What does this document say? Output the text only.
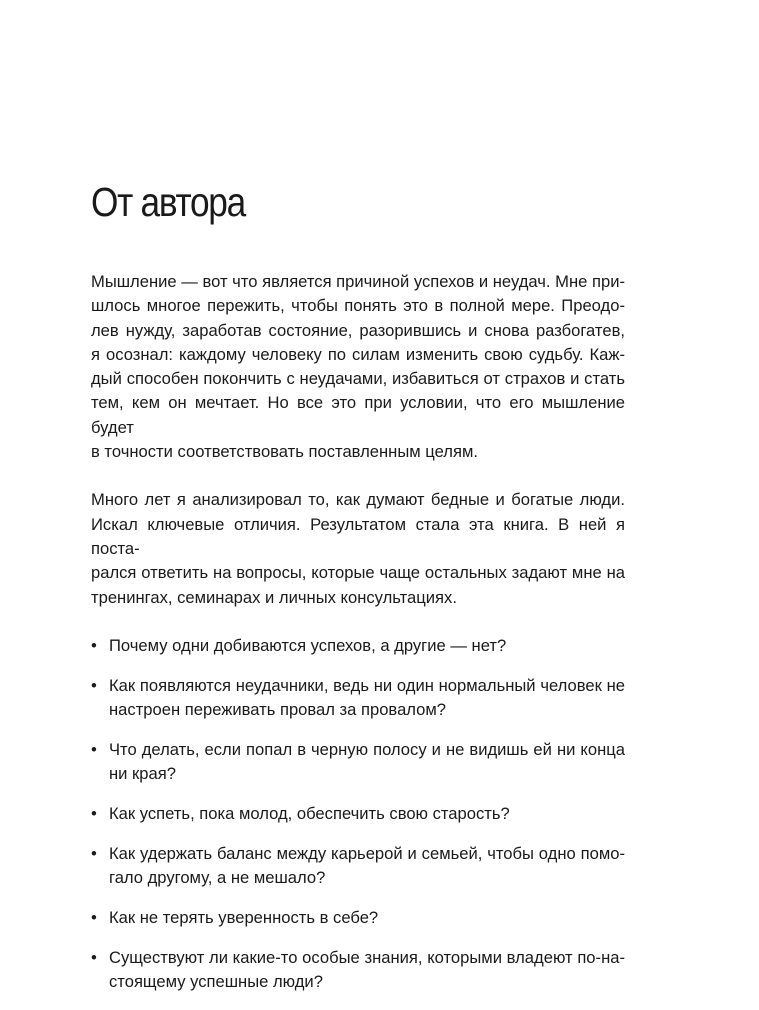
От автора

Мышление — вот что является причиной успехов и неудач. Мне при-
шлось многое пережить, чтобы понять это в полной мере. Преодо-
лев нужду, заработав состояние, разорившись и снова разбогатев,
я осознал: каждому человеку по силам изменить свою судьбу. Каж-
дый способен покончить с неудачами, избавиться от страхов и стать
тем, кем он мечтает. Но все это при условии, что его мышление будет
в точности соответствовать поставленным целям.

Много лет я анализировал то, как думают бедные и богатые люди.
Искал ключевые отличия. Результатом стала эта книга. В ней я поста-
рался ответить на вопросы, которые чаще остальных задают мне на
тренингах, семинарах и личных консультациях.

• Почему одни добиваются успехов, а другие — нет?
• Как появляются неудачники, ведь ни один нормальный человек не
настроен переживать провал за провалом?
• Что делать, если попал в черную полосу и не видишь ей ни конца
ни края?
• Как успеть, пока молод, обеспечить свою старость?
• Как удержать баланс между карьерой и семьей, чтобы одно помо-
гало другому, а не мешало?
• Как не терять уверенность в себе?
• Существуют ли какие-то особые знания, которыми владеют по-на-
стоящему успешные люди?
